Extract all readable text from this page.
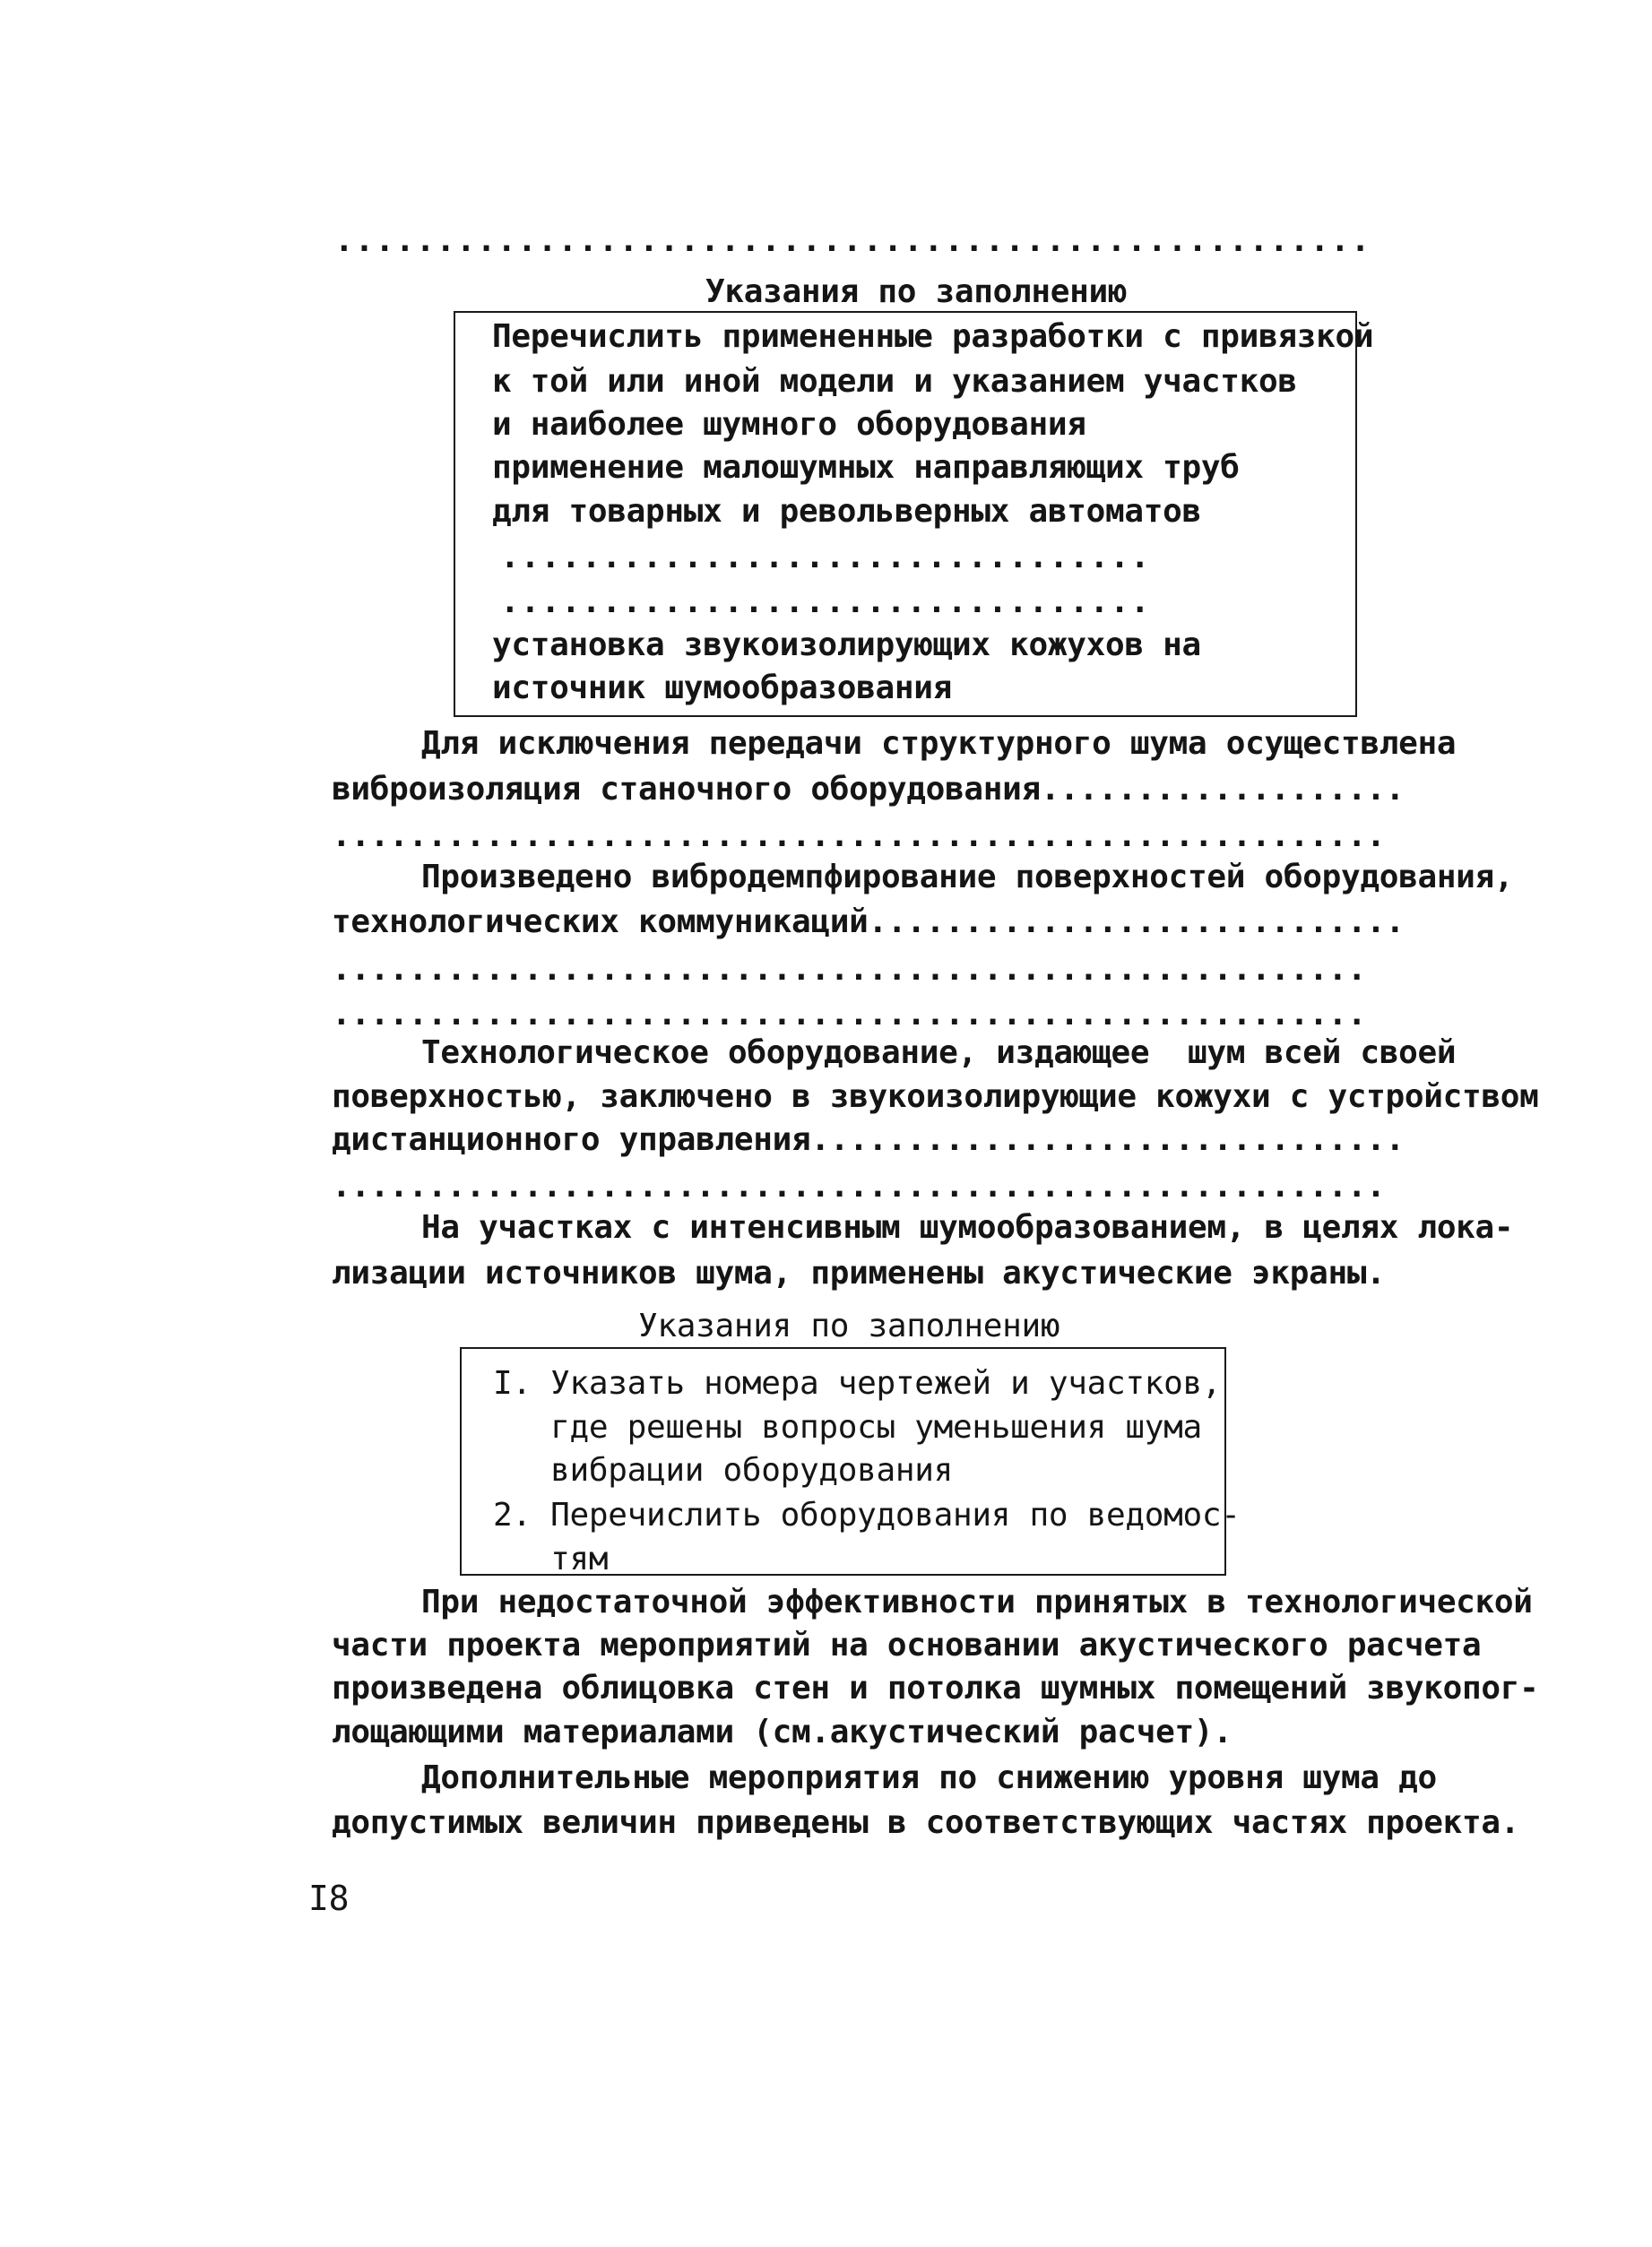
...................................................
Указания по заполнению
Перечислить примененные разработки с привязкой
к той или иной модели и указанием участков
и наиболее шумного оборудования
применение малошумных направляющих труб
для товарных и револьверных автоматов
................................
................................
установка звукоизолирующих кожухов на
источник шумообразования
Для исключения передачи структурного шума осуществлена
виброизоляция станочного оборудования...................
.......................................................
Произведено вибродемпфирование поверхностей оборудования,
технологических коммуникаций............................
......................................................
......................................................
Технологическое оборудование, издающее  шум всей своей
поверхностью, заключено в звукоизолирующие кожухи с устройством
дистанционного управления...............................
.......................................................
На участках с интенсивным шумообразованием, в целях лока-
лизации источников шума, применены акустические экраны.
Указания по заполнению
I. Указать номера чертежей и участков,
где решены вопросы уменьшения шума
вибрации оборудования
2. Перечислить оборудования по ведомос-
тям
При недостаточной эффективности принятых в технологической
части проекта мероприятий на основании акустического расчета
произведена облицовка стен и потолка шумных помещений звукопог-
лощающими материалами (см.акустический расчет).
Дополнительные мероприятия по снижению уровня шума до
допустимых величин приведены в соответствующих частях проекта.
I8
